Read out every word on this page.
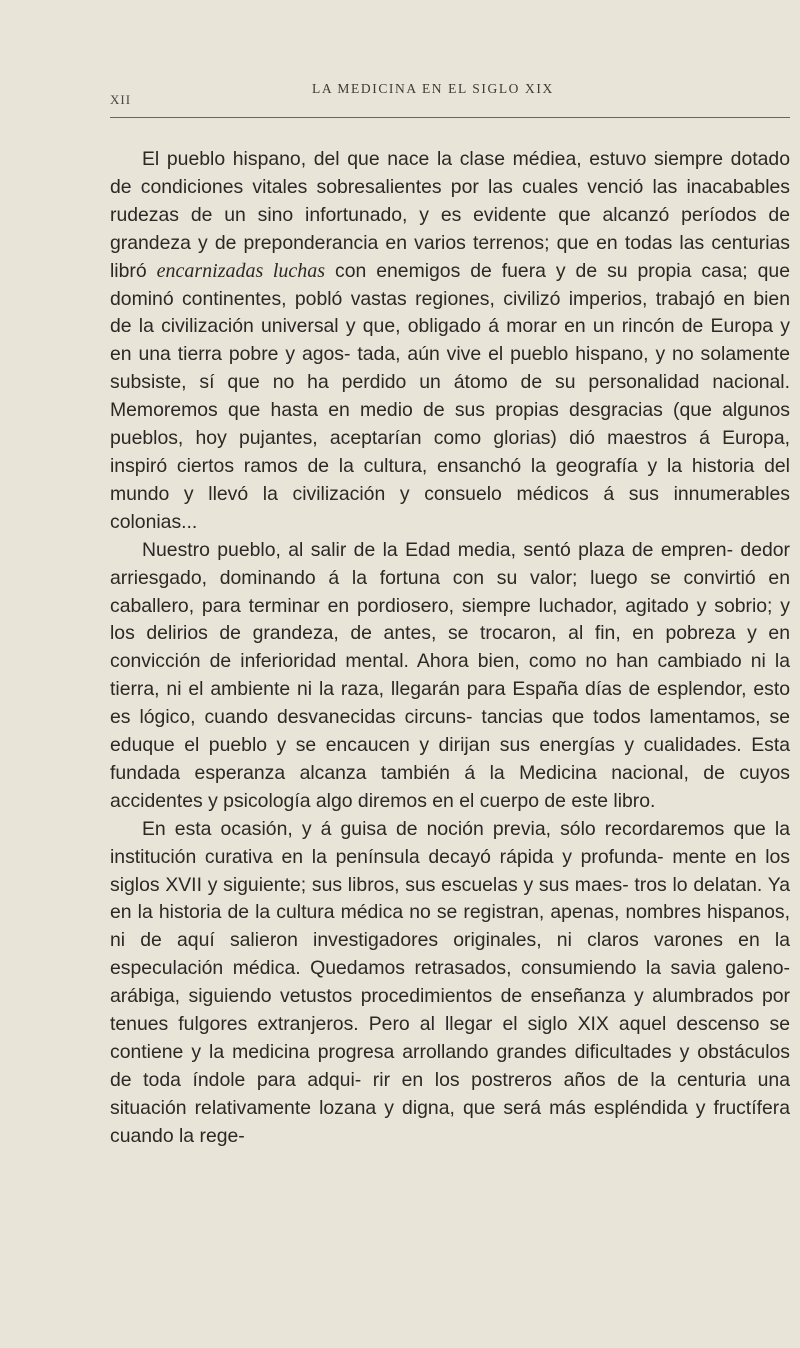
XII
LA MEDICINA EN EL SIGLO XIX

El pueblo hispano, del que nace la clase médiea, estuvo siempre dotado de condiciones vitales sobresalientes por las cuales venció las inacabables rudezas de un sino infortunado, y es evidente que alcanzó períodos de grandeza y de preponderancia en varios terrenos; que en todas las centurias libró encarnizadas luchas con enemigos de fuera y de su propia casa; que dominó continentes, pobló vastas regiones, civilizó imperios, trabajó en bien de la civilización universal y que, obligado á morar en un rincón de Europa y en una tierra pobre y agos- tada, aún vive el pueblo hispano, y no solamente subsiste, sí que no ha perdido un átomo de su personalidad nacional. Memoremos que hasta en medio de sus propias desgracias (que algunos pueblos, hoy pujantes, aceptarían como glorias) dió maestros á Europa, inspiró ciertos ramos de la cultura, ensanchó la geografía y la historia del mundo y llevó la civilización y consuelo médicos á sus innumerables colonias...

Nuestro pueblo, al salir de la Edad media, sentó plaza de empren- dedor arriesgado, dominando á la fortuna con su valor; luego se convirtió en caballero, para terminar en pordiosero, siempre luchador, agitado y sobrio; y los delirios de grandeza, de antes, se trocaron, al fin, en pobreza y en convicción de inferioridad mental. Ahora bien, como no han cambiado ni la tierra, ni el ambiente ni la raza, llegarán para España días de esplendor, esto es lógico, cuando desvanecidas circuns- tancias que todos lamentamos, se eduque el pueblo y se encaucen y dirijan sus energías y cualidades. Esta fundada esperanza alcanza también á la Medicina nacional, de cuyos accidentes y psicología algo diremos en el cuerpo de este libro.

En esta ocasión, y á guisa de noción previa, sólo recordaremos que la institución curativa en la península decayó rápida y profunda- mente en los siglos XVII y siguiente; sus libros, sus escuelas y sus maes- tros lo delatan. Ya en la historia de la cultura médica no se registran, apenas, nombres hispanos, ni de aquí salieron investigadores originales, ni claros varones en la especulación médica. Quedamos retrasados, consumiendo la savia galeno-arábiga, siguiendo vetustos procedimientos de enseñanza y alumbrados por tenues fulgores extranjeros. Pero al llegar el siglo XIX aquel descenso se contiene y la medicina progresa arrollando grandes dificultades y obstáculos de toda índole para adqui- rir en los postreros años de la centuria una situación relativamente lozana y digna, que será más espléndida y fructífera cuando la rege-
